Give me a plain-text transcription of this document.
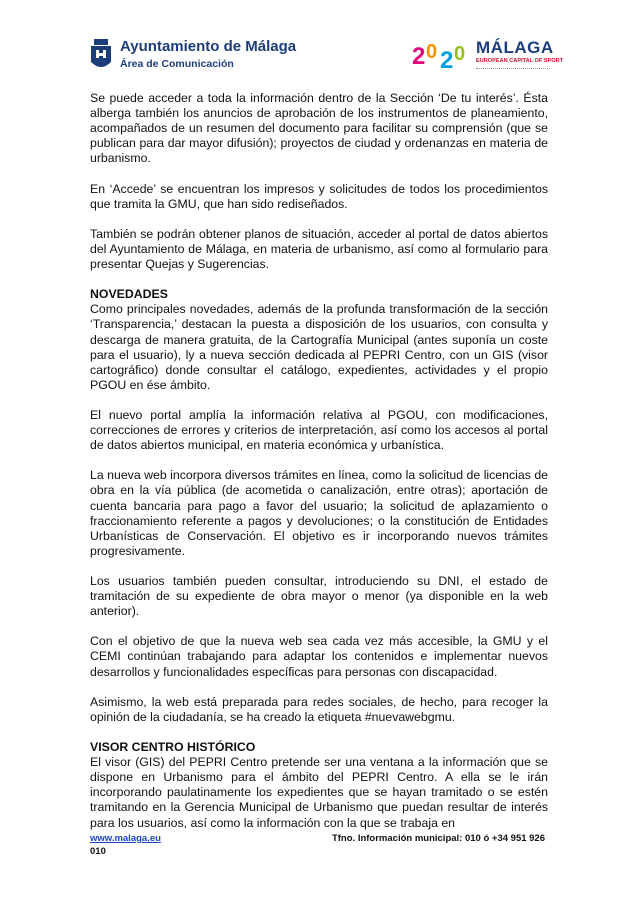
Ayuntamiento de Málaga
Área de Comunicación	2 0 2 0 MÁLAGA
EUROPEAN CAPITAL OF SPORT

Se puede acceder a toda la información dentro de la Sección ‘De tu interés’. Ésta alberga también los anuncios de aprobación de los instrumentos de planeamiento, acompañados de un resumen del documento para facilitar su comprensión (que se publican para dar mayor difusión); proyectos de ciudad y ordenanzas en materia de urbanismo.

En ‘Accede’ se encuentran los impresos y solicitudes de todos los procedimientos que tramita la GMU, que han sido rediseñados.

También se podrán obtener planos de situación, acceder al portal de datos abiertos del Ayuntamiento de Málaga, en materia de urbanismo, así como al formulario para presentar Quejas y Sugerencias.

NOVEDADES

Como principales novedades, además de la profunda transformación de la sección ‘Transparencia,’ destacan la puesta a disposición de los usuarios, con consulta y descarga de manera gratuita, de la Cartografía Municipal (antes suponía un coste para el usuario), ly a nueva sección dedicada al PEPRI Centro, con un GIS (visor cartográfico) donde consultar el catálogo, expedientes, actividades y el propio PGOU en ése ámbito.

El nuevo portal amplía la información relativa al PGOU, con modificaciones, correcciones de errores y criterios de interpretación, así como los accesos al portal de datos abiertos municipal, en materia económica y urbanística.

La nueva web incorpora diversos trámites en línea, como la solicitud de licencias de obra en la vía pública (de acometida o canalización, entre otras); aportación de cuenta bancaria para pago a favor del usuario; la solicitud de aplazamiento o fraccionamiento referente a pagos y devoluciones; o la constitución de Entidades Urbanísticas de Conservación. El objetivo es ir incorporando nuevos trámites progresivamente.

Los usuarios también pueden consultar, introduciendo su DNI, el estado de tramitación de su expediente de obra mayor o menor (ya disponible en la web anterior).

Con el objetivo de que la nueva web sea cada vez más accesible, la GMU y el CEMI continúan trabajando para adaptar los contenidos e implementar nuevos desarrollos y funcionalidades específicas para personas con discapacidad.

Asimismo, la web está preparada para redes sociales, de hecho, para recoger la opinión de la ciudadanía, se ha creado la etiqueta #nuevawebgmu.

VISOR CENTRO HISTÓRICO

El visor (GIS) del PEPRI Centro pretende ser una ventana a la información que se dispone en Urbanismo para el ámbito del PEPRI Centro. A ella se le irán incorporando paulatinamente los expedientes que se hayan tramitado o se estén tramitando en la Gerencia Municipal de Urbanismo que puedan resultar de interés para los usuarios, así como la información con la que se trabaja en

www.malaga.eu	Tfno. Información municipal: 010 ó +34 951 926
010
